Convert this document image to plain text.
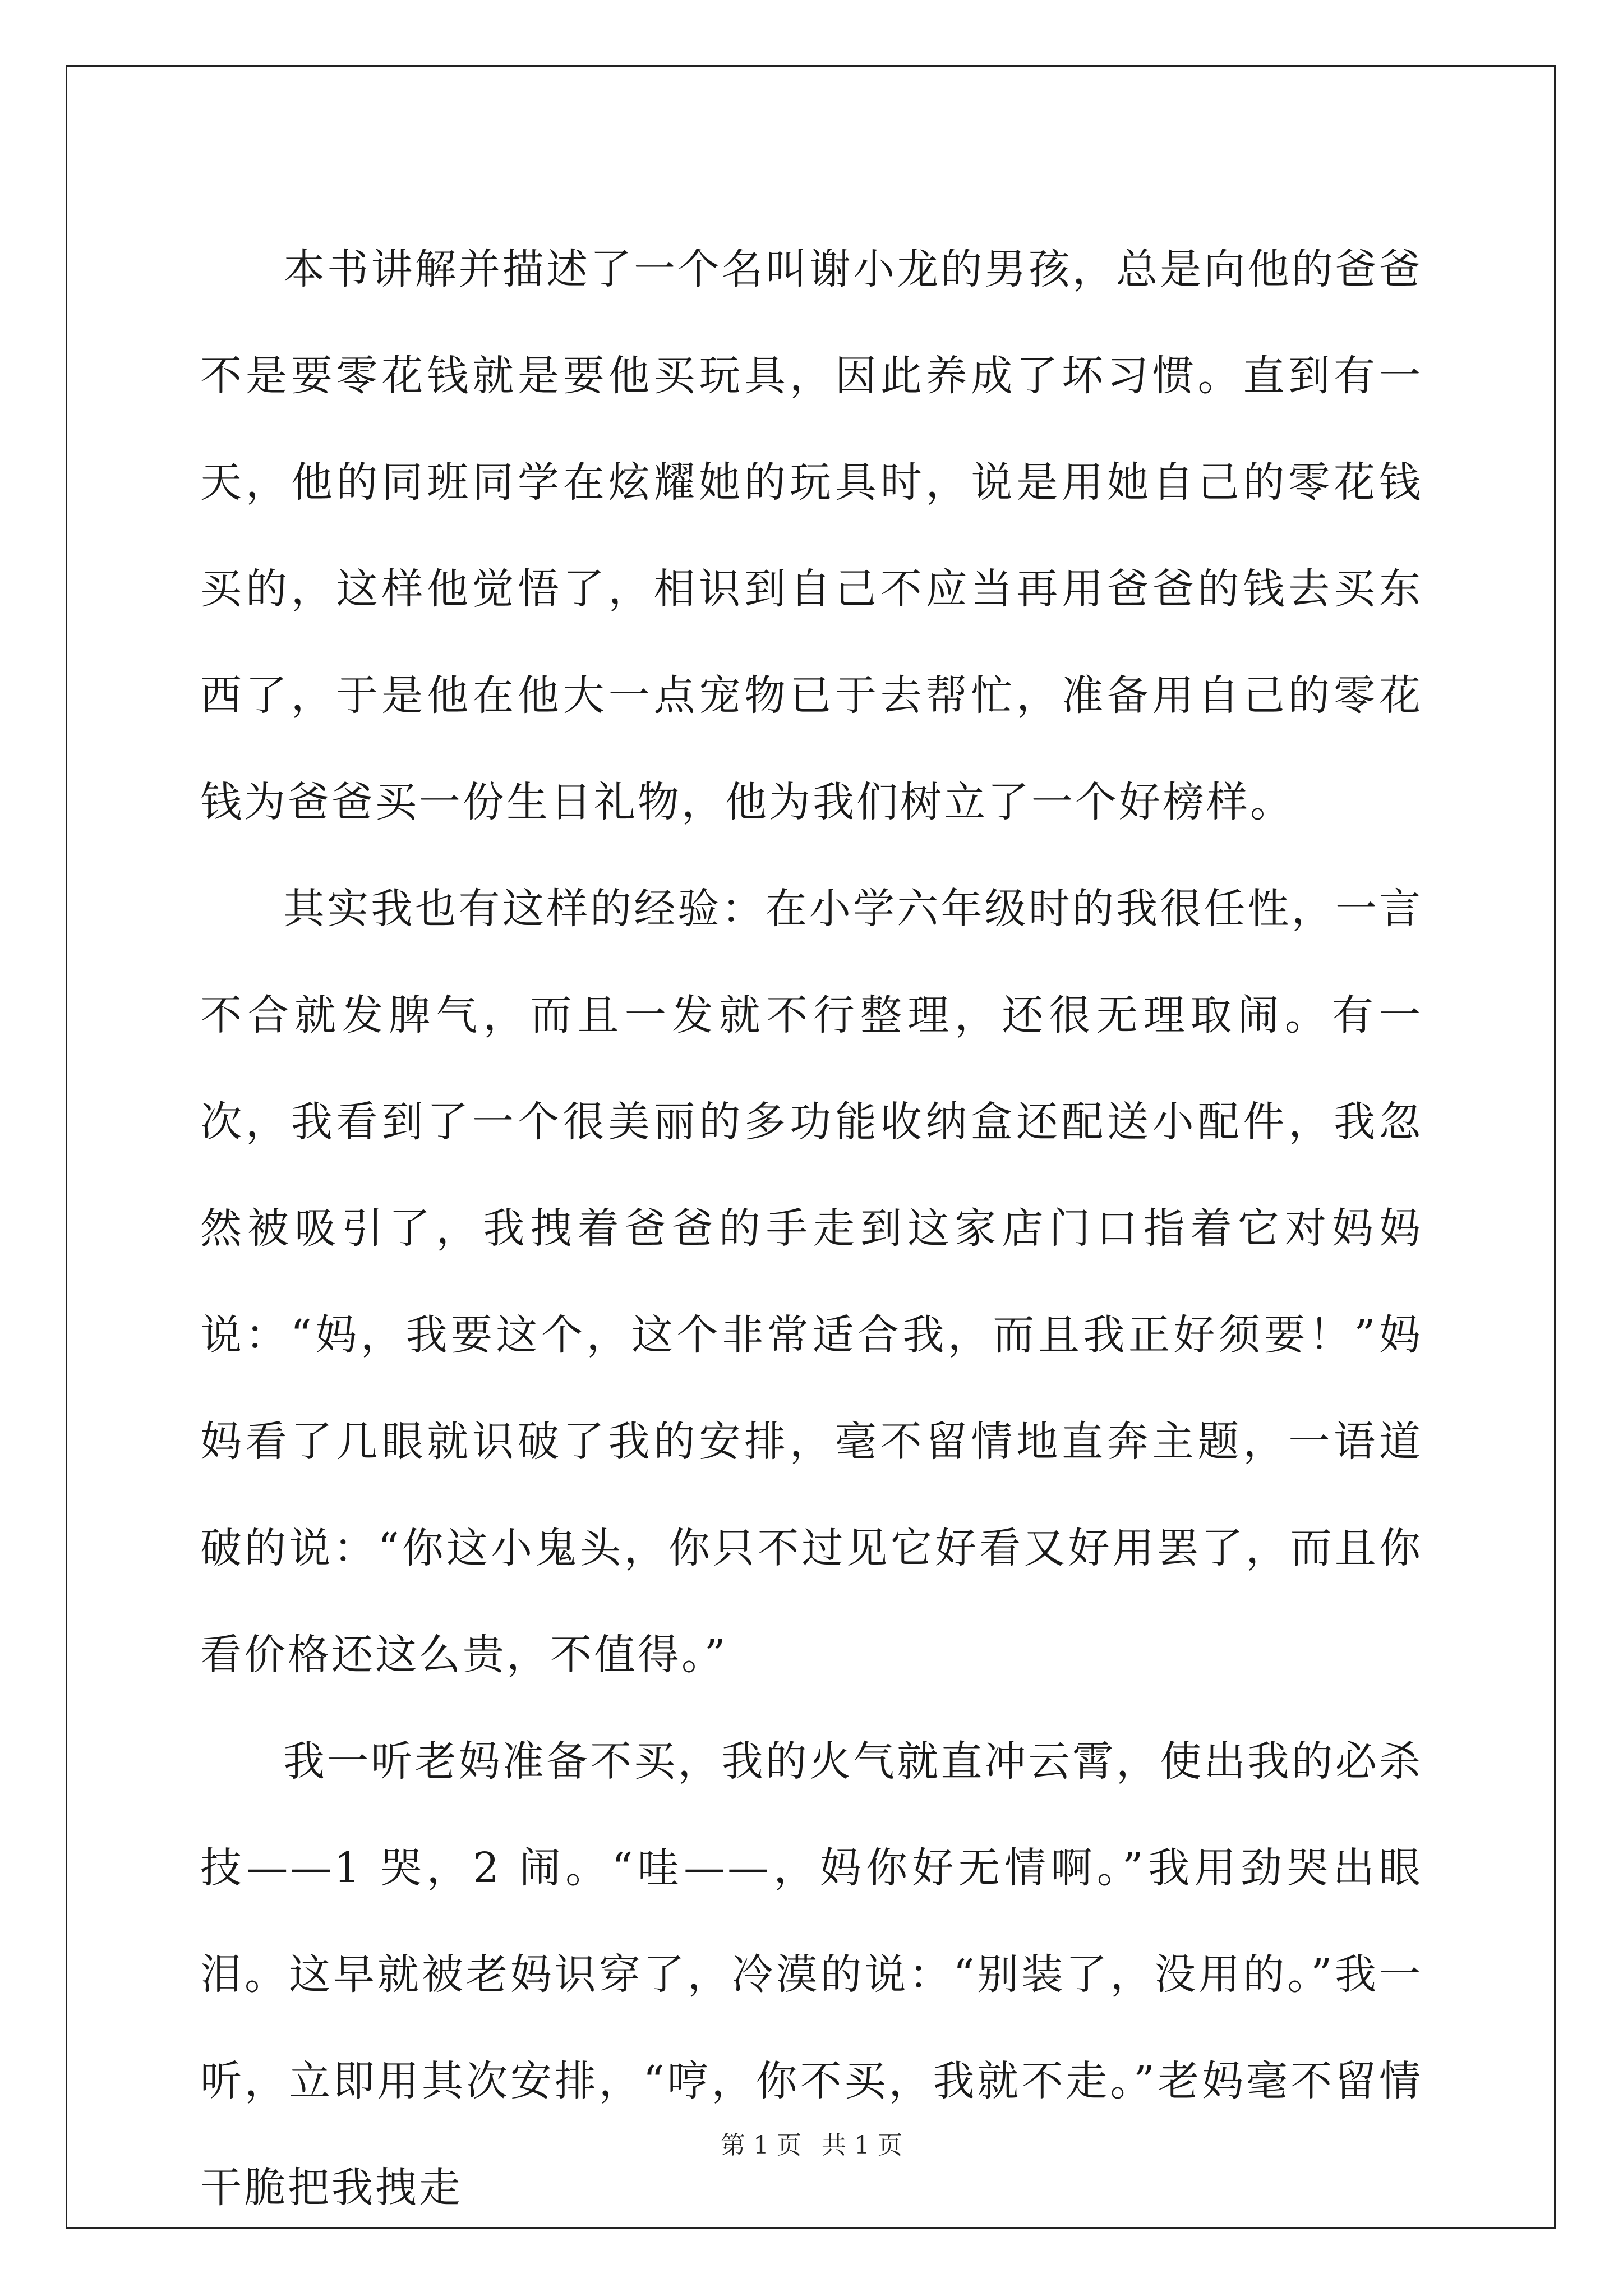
本书讲解并描述了一个名叫谢小龙的男孩，总是向他的爸爸不是要零花钱就是要他买玩具，因此养成了坏习惯。直到有一天，他的同班同学在炫耀她的玩具时，说是用她自己的零花钱买的，这样他觉悟了，相识到自己不应当再用爸爸的钱去买东西了，于是他在他大一点宠物已于去帮忙，准备用自己的零花钱为爸爸买一份生日礼物，他为我们树立了一个好榜样。

其实我也有这样的经验：在小学六年级时的我很任性，一言不合就发脾气，而且一发就不行整理，还很无理取闹。有一次，我看到了一个很美丽的多功能收纳盒还配送小配件，我忽然被吸引了，我拽着爸爸的手走到这家店门口指着它对妈妈说：“妈，我要这个，这个非常适合我，而且我正好须要！”妈妈看了几眼就识破了我的安排，毫不留情地直奔主题，一语道破的说：“你这小鬼头，你只不过见它好看又好用罢了，而且你看价格还这么贵，不值得。”

我一听老妈准备不买，我的火气就直冲云霄，使出我的必杀技——1 哭，2 闹。“哇——，妈你好无情啊。”我用劲哭出眼泪。这早就被老妈识穿了，冷漠的说：“别装了，没用的。”我一听，立即用其次安排，“哼，你不买，我就不走。”老妈毫不留情干脆把我拽走

第 1 页 共 1 页
